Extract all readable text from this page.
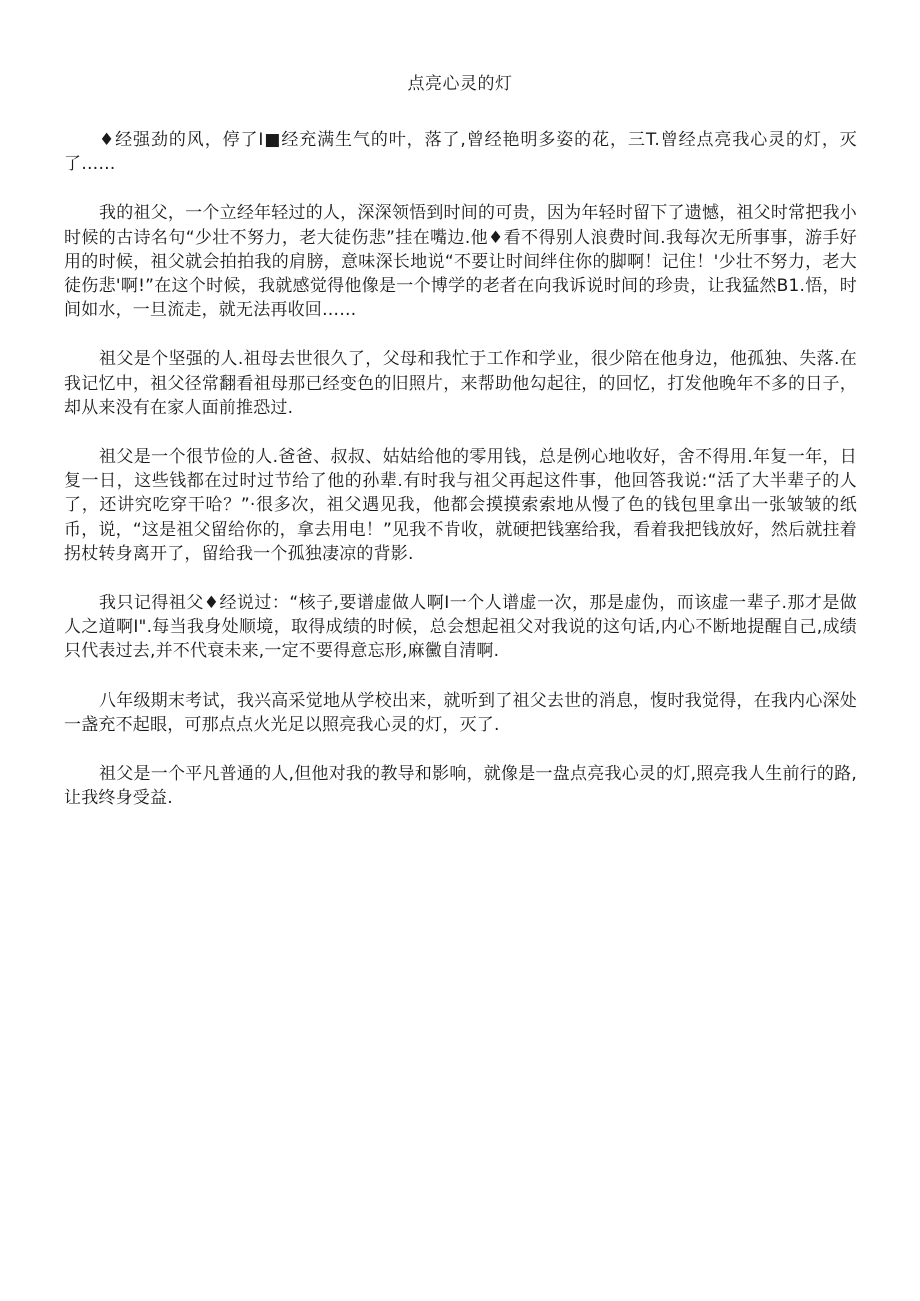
点亮心灵的灯

♦经强劲的风，停了I■经充满生气的叶，落了,曾经艳明多姿的花，三T.曾经点亮我心灵的灯，灭了……

我的祖父，一个立经年轻过的人，深深领悟到时间的可贵，因为年轻时留下了遗憾，祖父时常把我小时候的古诗名句“少壮不努力，老大徒伤悲”挂在嘴边.他♦看不得别人浪费时间.我每次无所事事，游手好用的时候，祖父就会拍拍我的肩膀，意味深长地说“不要让时间绊住你的脚啊！记住！'少壮不努力，老大徒伤悲'啊!”在这个时候，我就感觉得他像是一个博学的老者在向我诉说时间的珍贵，让我猛然B1.悟，时间如水，一旦流走，就无法再收回……

祖父是个坚强的人.祖母去世很久了，父母和我忙于工作和学业，很少陪在他身边，他孤独、失落.在我记忆中，祖父径常翻看祖母那已经变色的旧照片，来帮助他勾起往，的回忆，打发他晚年不多的日子，却从来没有在家人面前推恐过.

祖父是一个很节俭的人.爸爸、叔叔、姑姑给他的零用钱，总是例心地收好，舍不得用.年复一年，日复一日，这些钱都在过时过节给了他的孙辈.有时我与祖父再起这件事，他回答我说:“活了大半辈子的人了，还讲究吃穿干哈？”·很多次，祖父遇见我，他都会摸摸索索地从慢了色的钱包里拿出一张皱皱的纸币，说，“这是祖父留给你的，拿去用电！”见我不肯收，就硬把钱塞给我，看着我把钱放好，然后就拄着拐杖转身离开了，留给我一个孤独凄凉的背影.

我只记得祖父♦经说过：“核子,要谱虚做人啊I一个人谱虚一次，那是虚伪，而该虚一辈子.那才是做人之道啊I".每当我身处顺境，取得成绩的时候，总会想起祖父对我说的这句话,内心不断地提醒自己,成绩只代表过去,并不代衰未来,一定不要得意忘形,麻黴自清啊.

八年级期末考试，我兴高采觉地从学校出来，就听到了祖父去世的消息，愎时我觉得，在我内心深处一盏充不起眼，可那点点火光足以照亮我心灵的灯，灭了.

祖父是一个平凡普通的人,但他对我的教导和影响，就像是一盘点亮我心灵的灯,照亮我人生前行的路,让我终身受益.
